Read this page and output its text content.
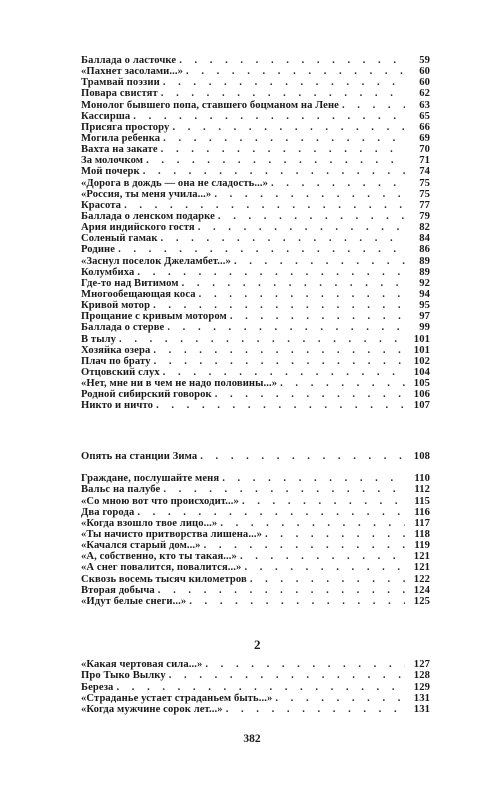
Баллада о ласточке . . .	59
«Пахнет засолами...» . . .	60
Трамвай поэзии . . .	60
Повара свистят . . .	62
Монолог бывшего попа, ставшего боцманом на Лене . . .	63
Кассирша . . .	65
Присяга простору . . .	66
Могила ребенка . . .	69
Вахта на закате . . .	70
За молочком . . .	71
Мой почерк . . .	74
«Дорога в дождь — она не сладость...» . . .	75
«Россия, ты меня учила...» . . .	75
Красота . . .	77
Баллада о ленском подарке . . .	79
Ария индийского гостя . . .	82
Соленый гамак . . .	84
Родине . . .	86
«Заснул поселок Джеламбет...» . . .	89
Колумбиха . . .	89
Где-то над Витимом . . .	92
Многообещающая коса . . .	94
Кривой мотор . . .	95
Прощание с кривым мотором . . .	97
Баллада о стерве . . .	99
В тылу . . .	101
Хозяйка озера . . .	101
Плач по брату . . .	102
Отцовский слух . . .	104
«Нет, мне ни в чем не надо половины...» . . .	105
Родной сибирский говорок . . .	106
Никто и ничто . . .	107
Опять на станции Зима . . .	108
Граждане, послушайте меня . . .	110
Вальс на палубе . . .	112
«Со мною вот что происходит...» . . .	115
Два города . . .	116
«Когда взошло твое лицо...» . . .	117
«Ты начисто притворства лишена...» . . .	118
«Качался старый дом...» . . .	119
«А, собственно, кто ты такая...» . . .	121
«А снег повалится, повалится...» . . .	121
Сквозь восемь тысяч километров . . .	122
Вторая добыча . . .	124
«Идут белые снеги...» . . .	125
2
«Какая чертовая сила...» . . .	127
Про Тыко Вылку . . .	128
Береза . . .	129
«Страданье устает страданьем быть...» . . .	131
«Когда мужчине сорок лет...» . . .	131
382
